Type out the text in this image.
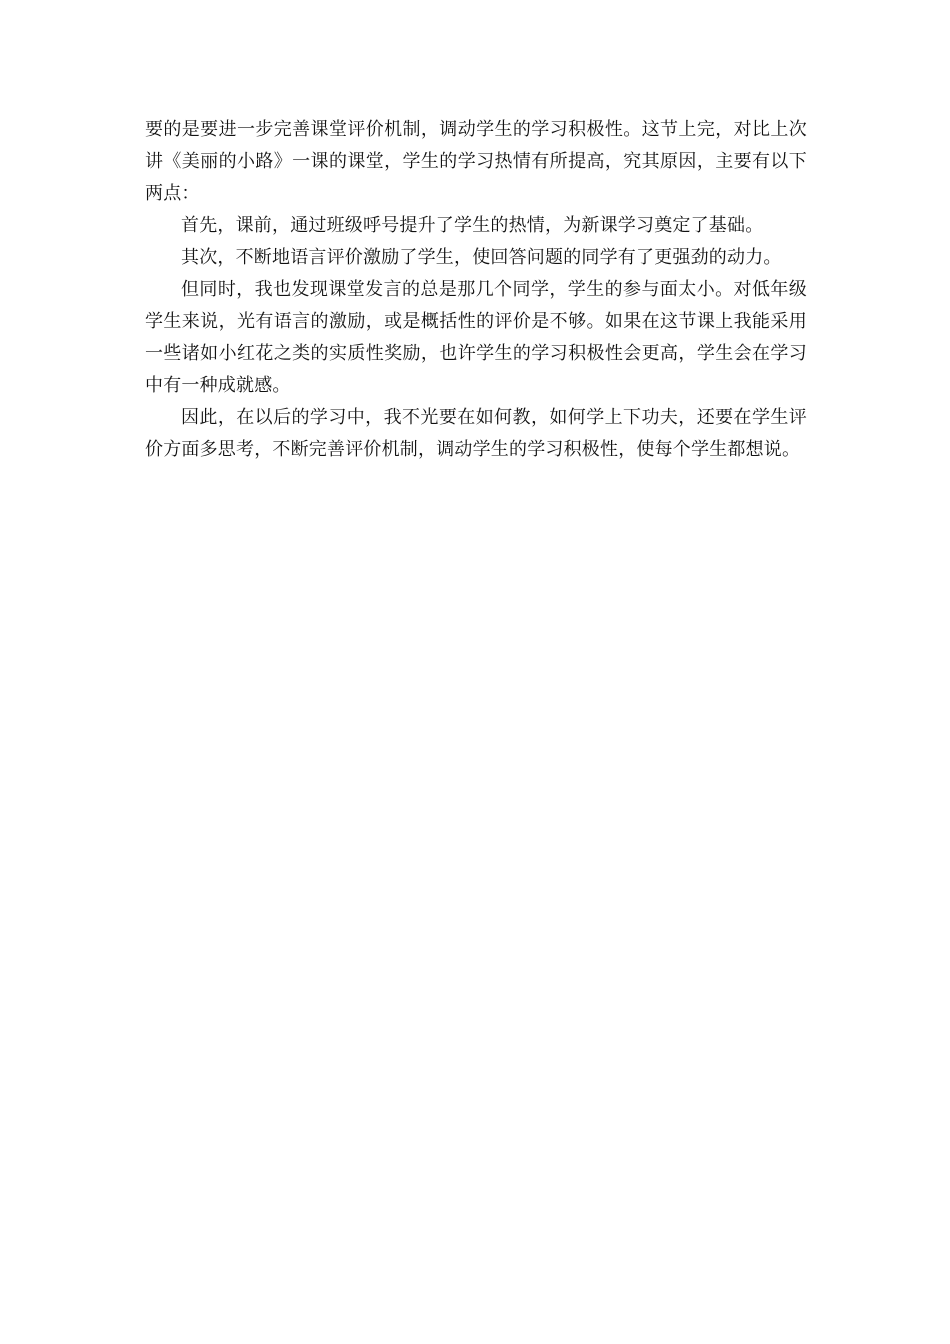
要的是要进一步完善课堂评价机制，调动学生的学习积极性。这节上完，对比上次讲《美丽的小路》一课的课堂，学生的学习热情有所提高，究其原因，主要有以下两点：

首先，课前，通过班级呼号提升了学生的热情，为新课学习奠定了基础。

其次，不断地语言评价激励了学生，使回答问题的同学有了更强劲的动力。

但同时，我也发现课堂发言的总是那几个同学，学生的参与面太小。对低年级学生来说，光有语言的激励，或是概括性的评价是不够。如果在这节课上我能采用一些诸如小红花之类的实质性奖励，也许学生的学习积极性会更高，学生会在学习中有一种成就感。

因此，在以后的学习中，我不光要在如何教，如何学上下功夫，还要在学生评价方面多思考，不断完善评价机制，调动学生的学习积极性，使每个学生都想说。
